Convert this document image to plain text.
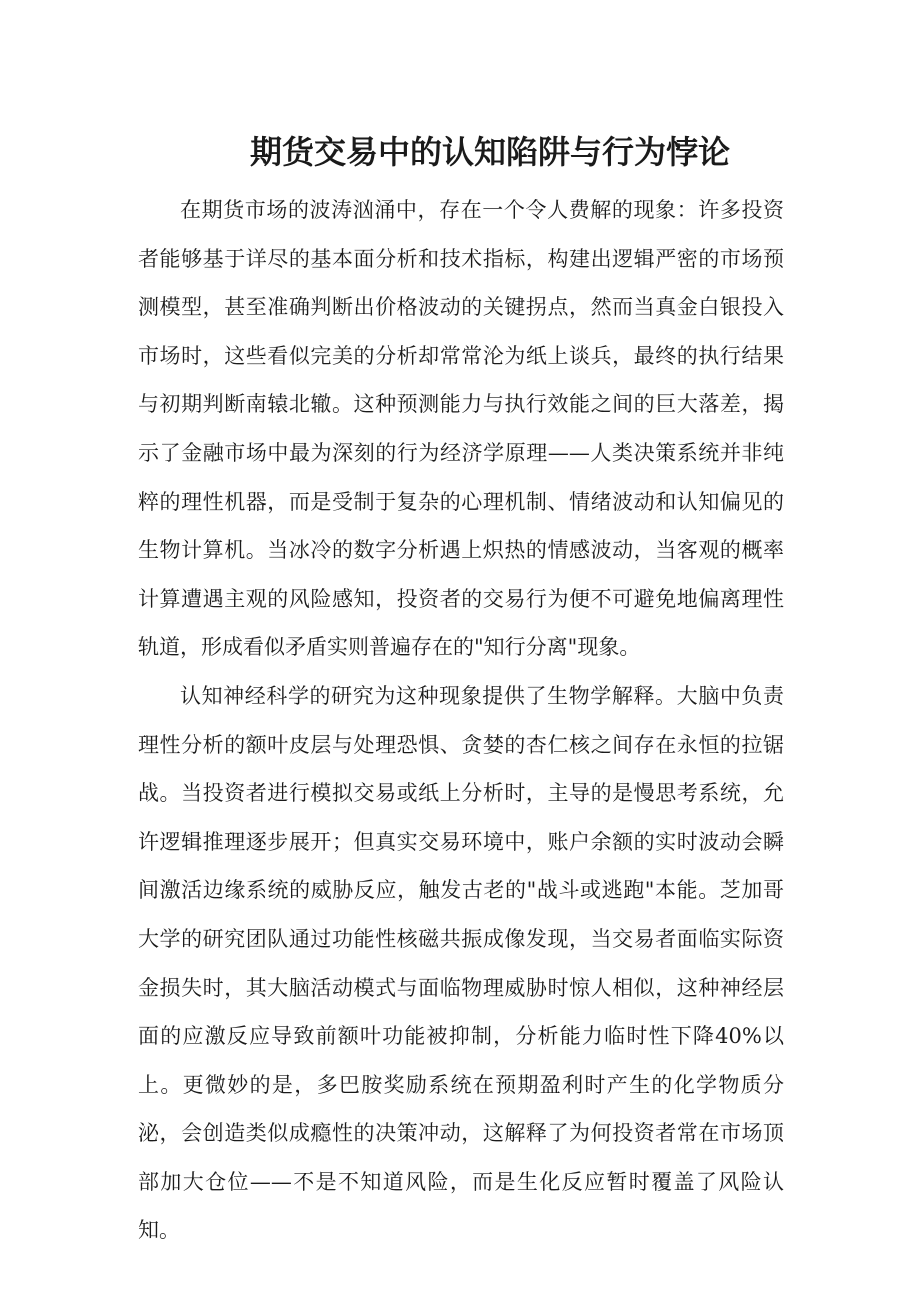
期货交易中的认知陷阱与行为悖论

在期货市场的波涛汹涌中，存在一个令人费解的现象：许多投资者能够基于详尽的基本面分析和技术指标，构建出逻辑严密的市场预测模型，甚至准确判断出价格波动的关键拐点，然而当真金白银投入市场时，这些看似完美的分析却常常沦为纸上谈兵，最终的执行结果与初期判断南辕北辙。这种预测能力与执行效能之间的巨大落差，揭示了金融市场中最为深刻的行为经济学原理——人类决策系统并非纯粹的理性机器，而是受制于复杂的心理机制、情绪波动和认知偏见的生物计算机。当冰冷的数字分析遇上炽热的情感波动，当客观的概率计算遭遇主观的风险感知，投资者的交易行为便不可避免地偏离理性轨道，形成看似矛盾实则普遍存在的"知行分离"现象。

认知神经科学的研究为这种现象提供了生物学解释。大脑中负责理性分析的额叶皮层与处理恐惧、贪婪的杏仁核之间存在永恒的拉锯战。当投资者进行模拟交易或纸上分析时，主导的是慢思考系统，允许逻辑推理逐步展开；但真实交易环境中，账户余额的实时波动会瞬间激活边缘系统的威胁反应，触发古老的"战斗或逃跑"本能。芝加哥大学的研究团队通过功能性核磁共振成像发现，当交易者面临实际资金损失时，其大脑活动模式与面临物理威胁时惊人相似，这种神经层面的应激反应导致前额叶功能被抑制，分析能力临时性下降40%以上。更微妙的是，多巴胺奖励系统在预期盈利时产生的化学物质分泌，会创造类似成瘾性的决策冲动，这解释了为何投资者常在市场顶部加大仓位——不是不知道风险，而是生化反应暂时覆盖了风险认知。
